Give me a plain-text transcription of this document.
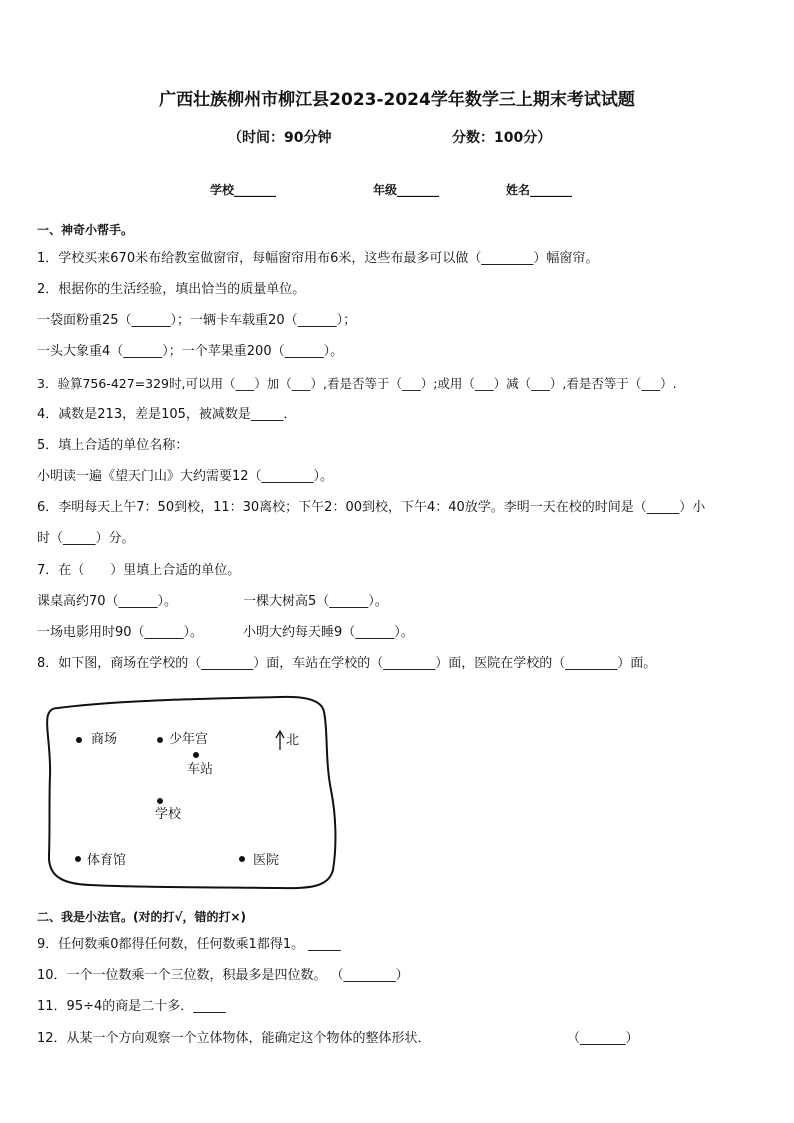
广西壮族柳州市柳江县2023-2024学年数学三上期末考试试题
（时间：90分钟	分数：100分）
学校_______	年级_______	姓名_______
一、神奇小帮手。
1．学校买来670米布给教室做窗帘，每幅窗帘用布6米，这些布最多可以做（________）幅窗帘。
2．根据你的生活经验，填出恰当的质量单位。
一袋面粉重25（______）；一辆卡车载重20（______）；
一头大象重4（______）；一个苹果重200（______）。
3．验算756-427=329时,可以用（___）加（___）,看是否等于（___）;或用（___）减（___）,看是否等于（___）.
4．减数是213，差是105，被减数是_____．
5．填上合适的单位名称：
小明读一遍《望天门山》大约需要12（________）。
6．李明每天上午7：50到校，11：30离校；下午2：00到校，下午4：40放学。李明一天在校的时间是（_____）小
时（_____）分。
7．在（　　）里填上合适的单位。
课桌高约70（______）。	一棵大树高5（______）。
一场电影用时90（______）。	小明大约每天睡9（______）。
8．如下图，商场在学校的（________）面，车站在学校的（________）面，医院在学校的（________）面。
商场	少年宫	北
车站
学校
体育馆	医院
二、我是小法官。(对的打√，错的打×)
9．任何数乘0都得任何数，任何数乘1都得1。 _____
10．一个一位数乘一个三位数，积最多是四位数。 （________）
11．95÷4的商是二十多．_____
12．从某一个方向观察一个立体物体，能确定这个物体的整体形状．	（_______）
